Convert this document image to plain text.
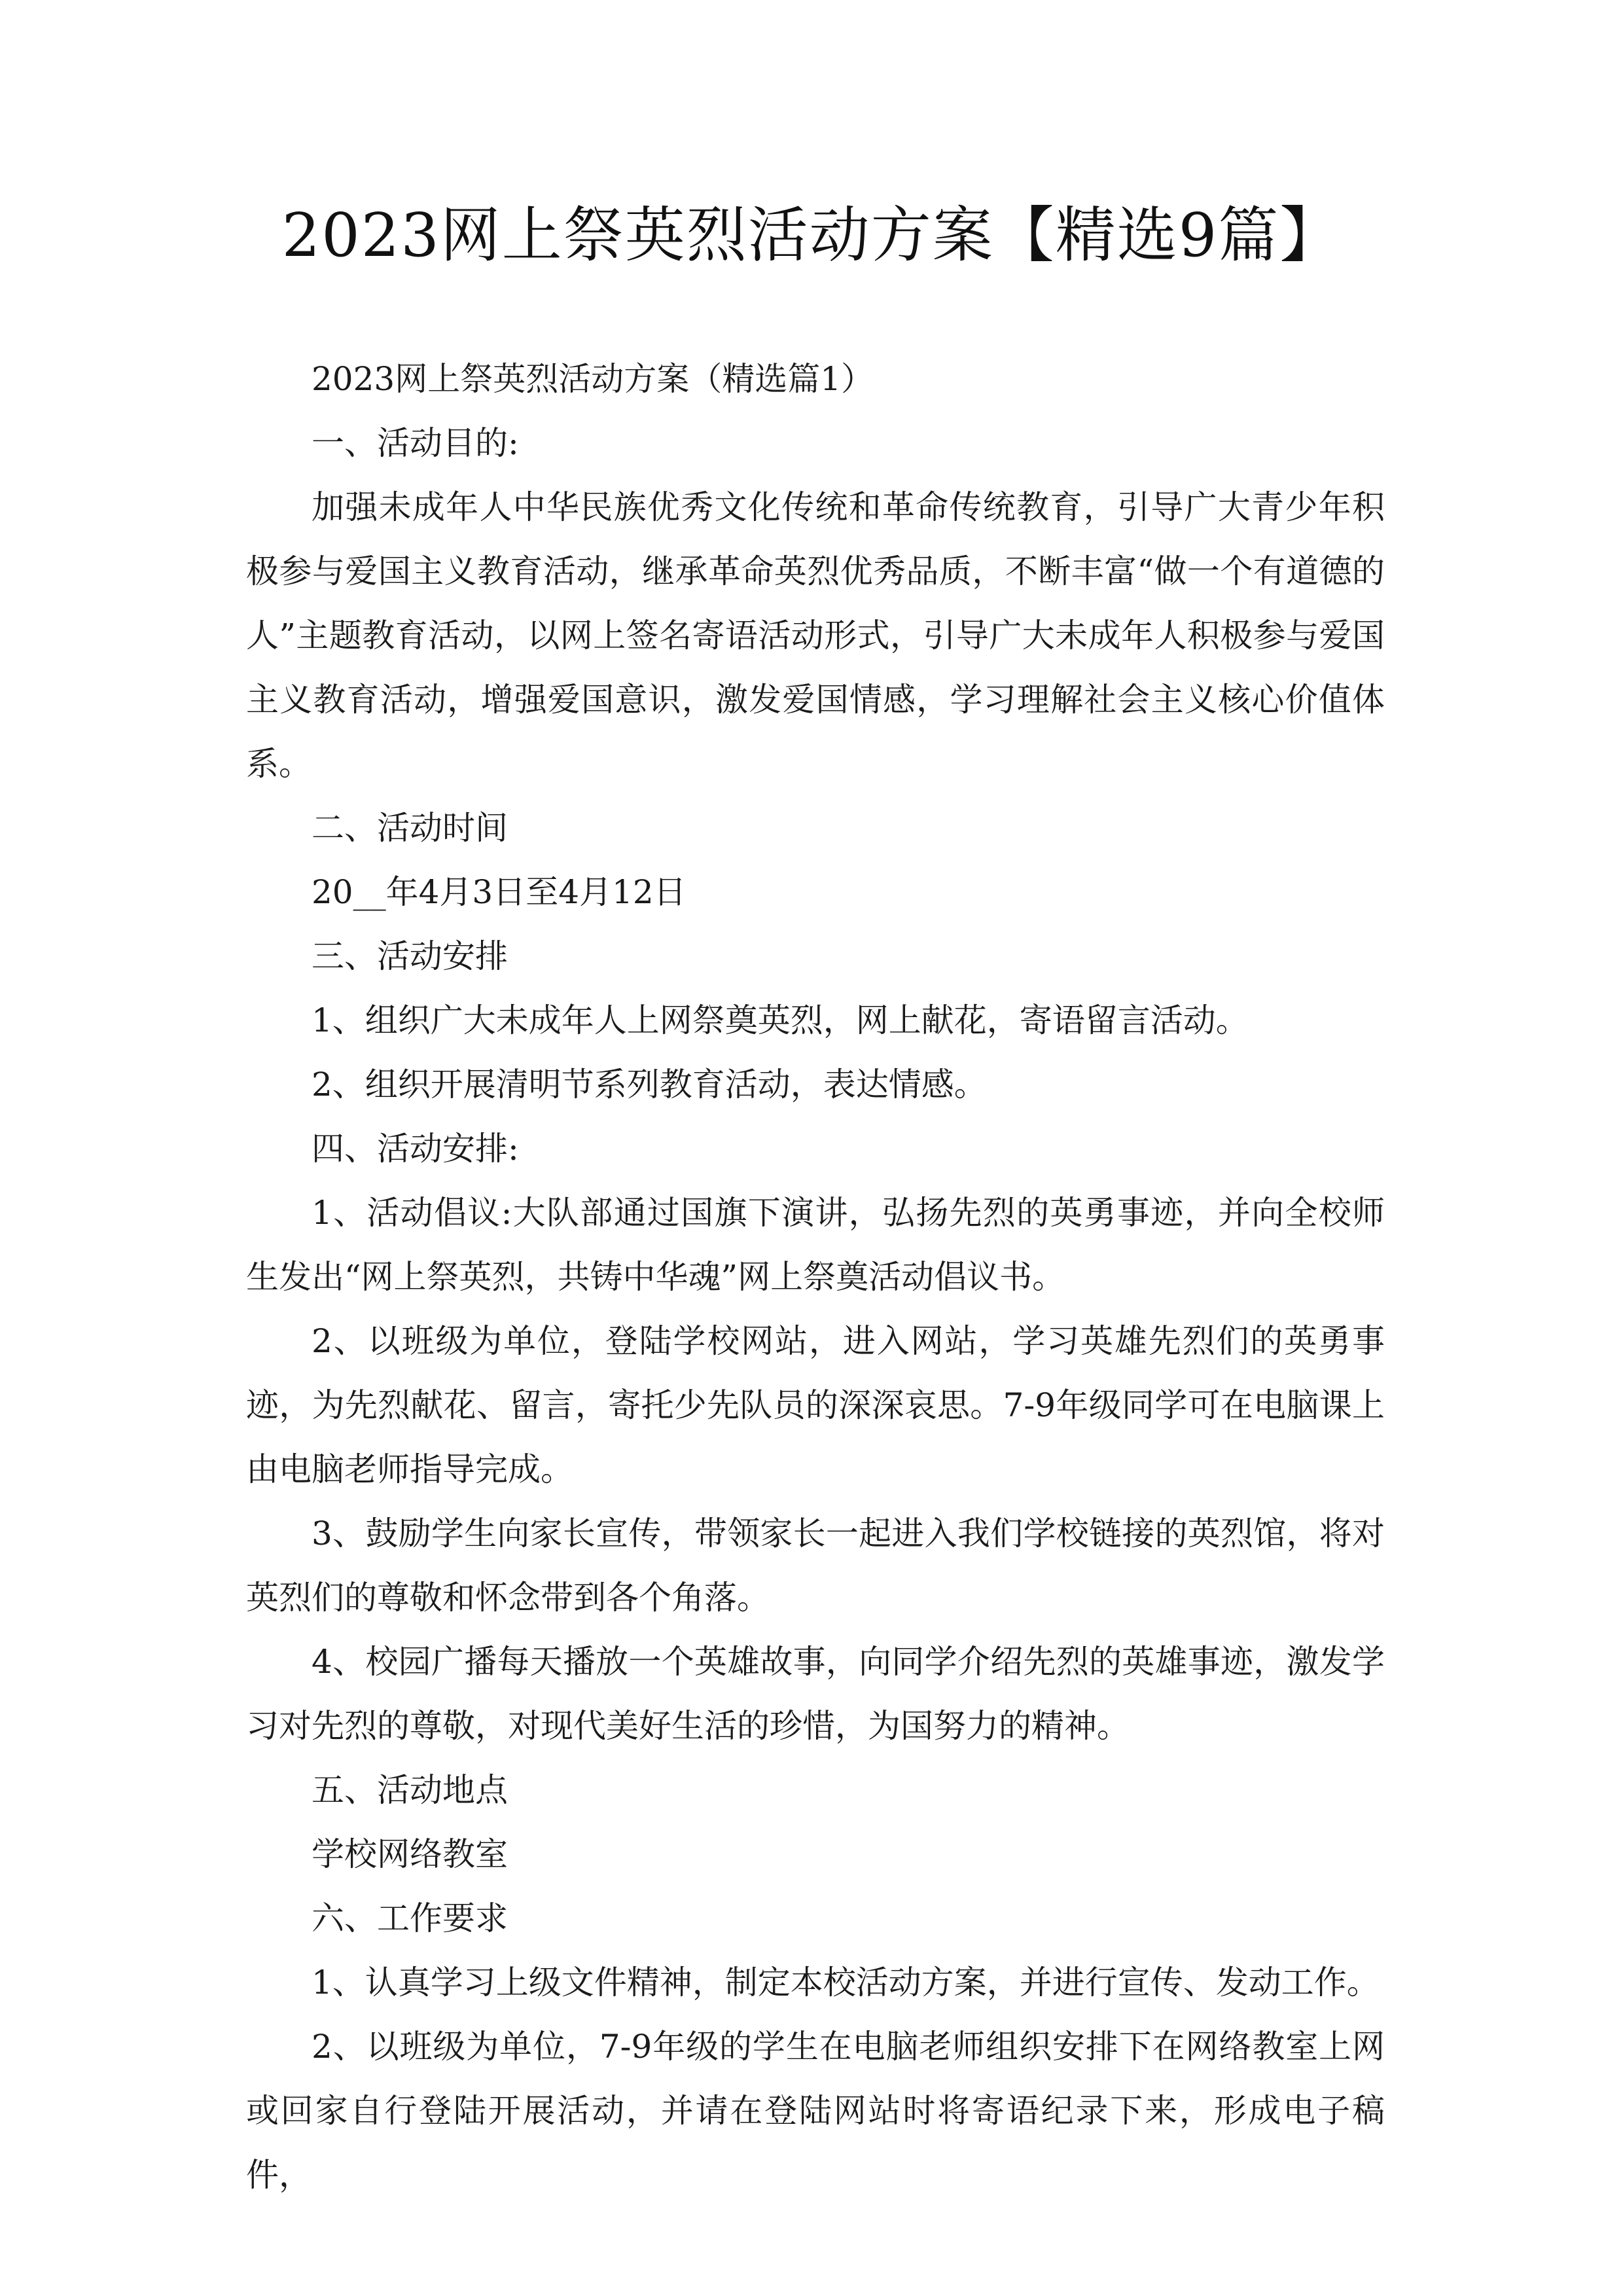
2023网上祭英烈活动方案【精选9篇】

2023网上祭英烈活动方案（精选篇1）

一、活动目的:

加强未成年人中华民族优秀文化传统和革命传统教育，引导广大青少年积极参与爱国主义教育活动，继承革命英烈优秀品质，不断丰富“做一个有道德的人”主题教育活动，以网上签名寄语活动形式，引导广大未成年人积极参与爱国主义教育活动，增强爱国意识，激发爱国情感，学习理解社会主义核心价值体系。

二、活动时间

20__年4月3日至4月12日

三、活动安排

1、组织广大未成年人上网祭奠英烈，网上献花，寄语留言活动。

2、组织开展清明节系列教育活动，表达情感。

四、活动安排:

1、活动倡议:大队部通过国旗下演讲，弘扬先烈的英勇事迹，并向全校师生发出“网上祭英烈，共铸中华魂”网上祭奠活动倡议书。

2、以班级为单位，登陆学校网站，进入网站，学习英雄先烈们的英勇事迹，为先烈献花、留言，寄托少先队员的深深哀思。7-9年级同学可在电脑课上由电脑老师指导完成。

3、鼓励学生向家长宣传，带领家长一起进入我们学校链接的英烈馆，将对英烈们的尊敬和怀念带到各个角落。

4、校园广播每天播放一个英雄故事，向同学介绍先烈的英雄事迹，激发学习对先烈的尊敬，对现代美好生活的珍惜，为国努力的精神。

五、活动地点

学校网络教室

六、工作要求

1、认真学习上级文件精神，制定本校活动方案，并进行宣传、发动工作。

2、以班级为单位，7-9年级的学生在电脑老师组织安排下在网络教室上网或回家自行登陆开展活动，并请在登陆网站时将寄语纪录下来，形成电子稿件，
